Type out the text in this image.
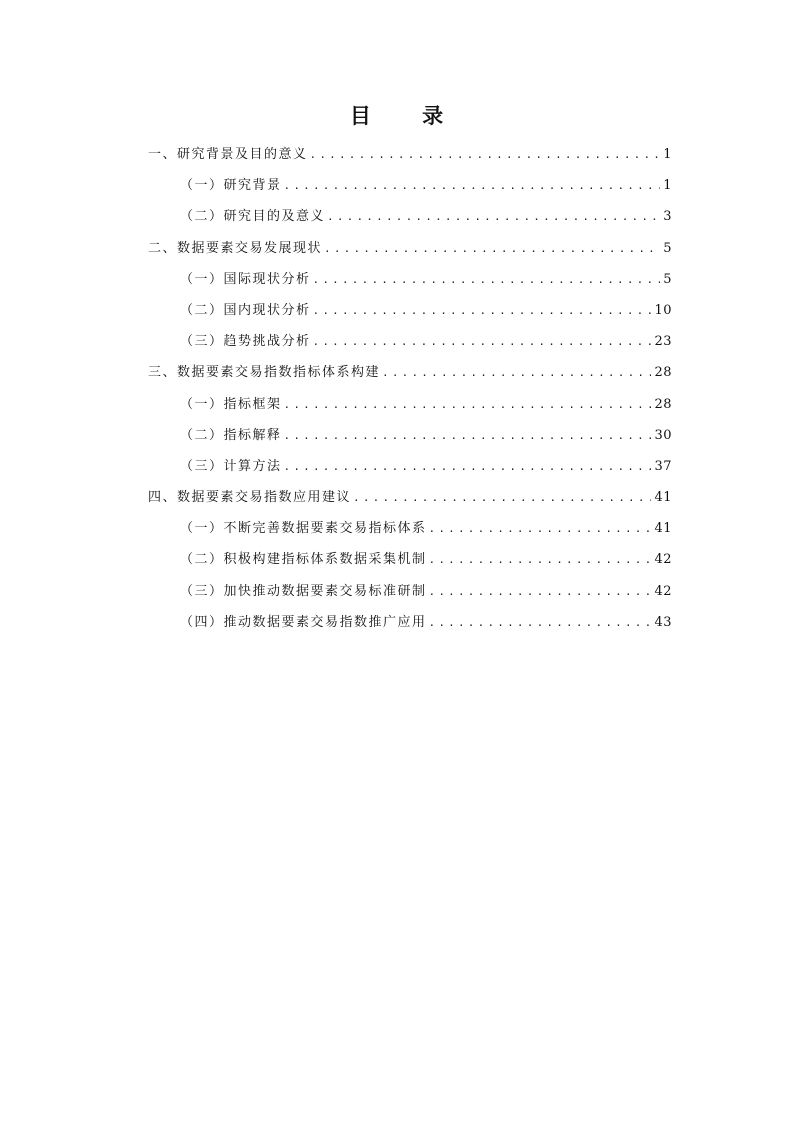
目 录
一、研究背景及目的意义 .....	1
（一）研究背景 .....	1
（二）研究目的及意义 .....	3
二、数据要素交易发展现状 .....	5
（一）国际现状分析 .....	5
（二）国内现状分析 .....	10
（三）趋势挑战分析 .....	23
三、数据要素交易指数指标体系构建 .....	28
（一）指标框架 .....	28
（二）指标解释 .....	30
（三）计算方法 .....	37
四、数据要素交易指数应用建议 .....	41
（一）不断完善数据要素交易指标体系 .....	41
（二）积极构建指标体系数据采集机制 .....	42
（三）加快推动数据要素交易标准研制 .....	42
（四）推动数据要素交易指数推广应用 .....	43
